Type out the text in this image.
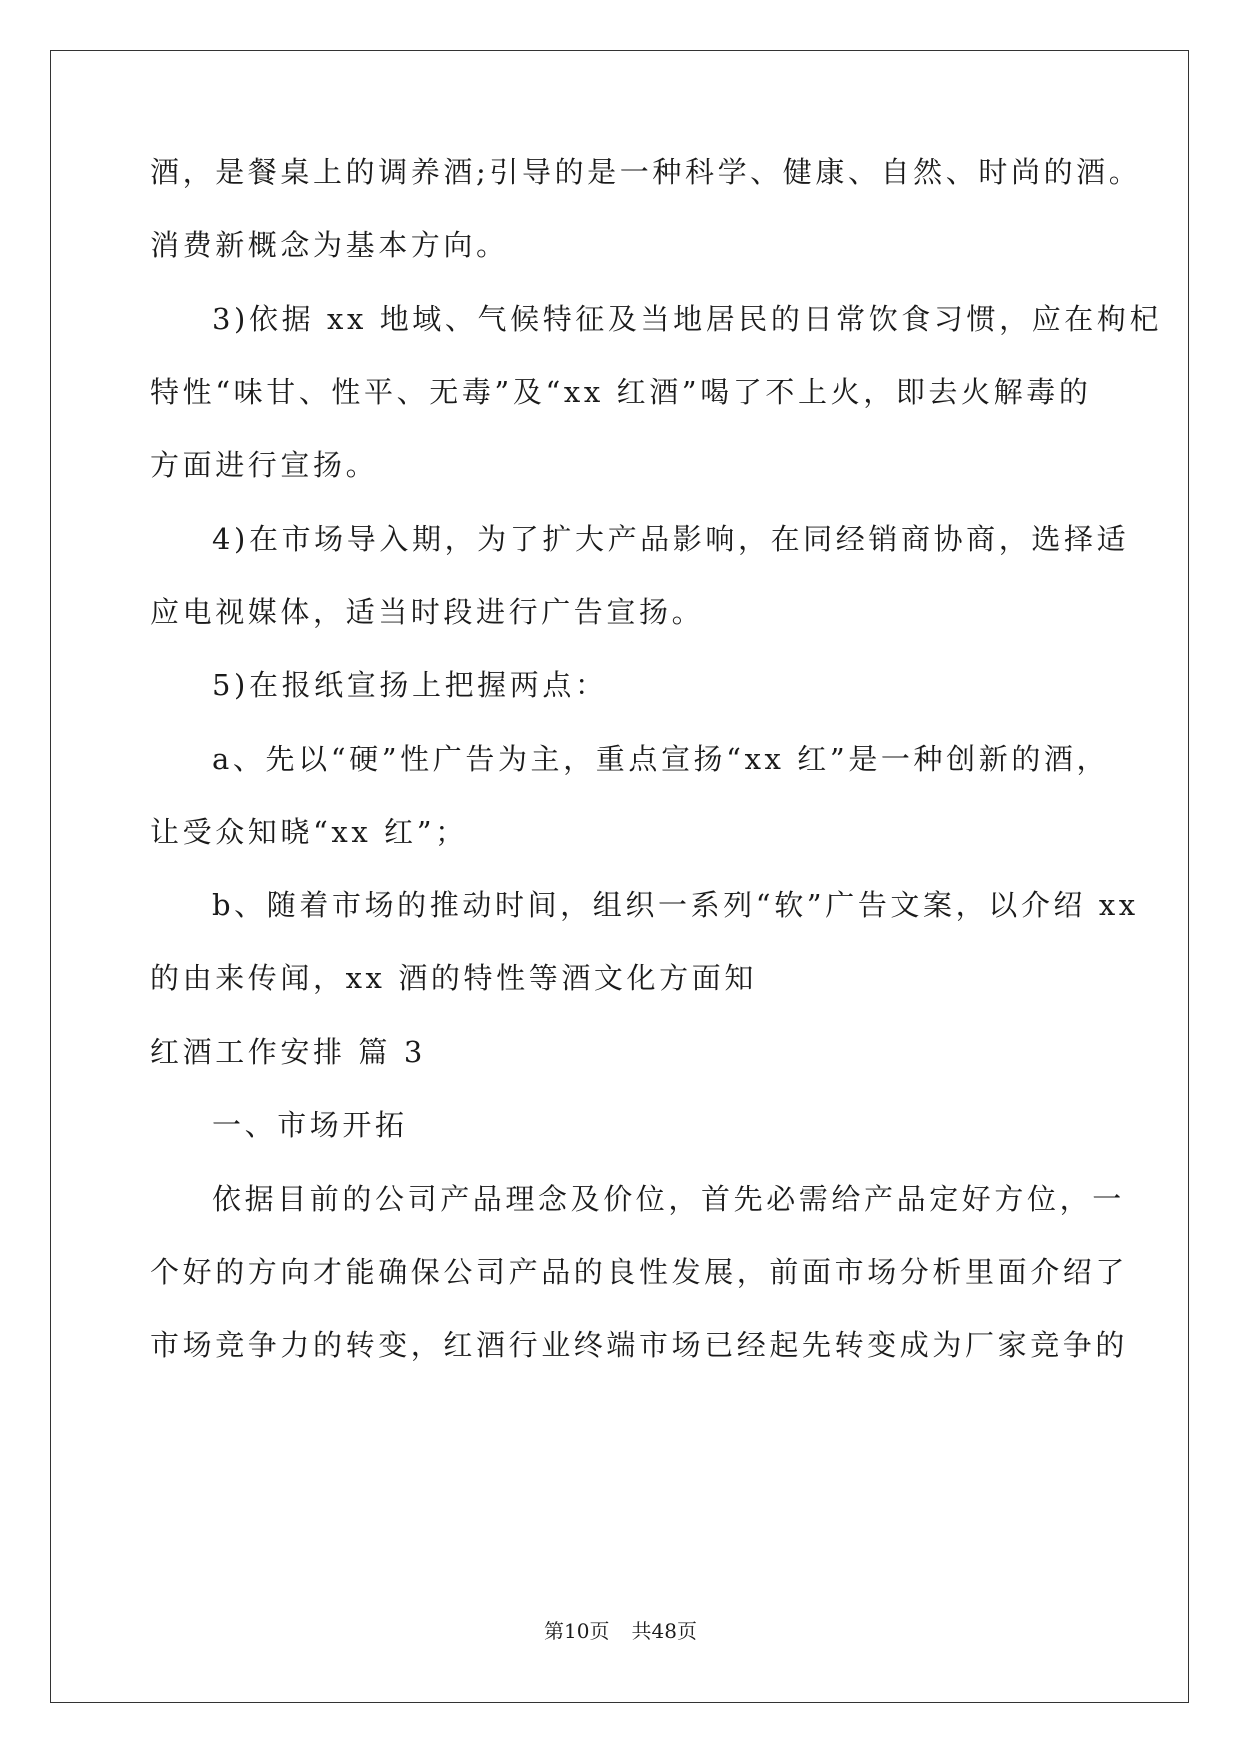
酒，是餐桌上的调养酒;引导的是一种科学、健康、自然、时尚的酒。
消费新概念为基本方向。
3)依据 xx 地域、气候特征及当地居民的日常饮食习惯，应在枸杞
特性“味甘、性平、无毒”及“xx 红酒”喝了不上火，即去火解毒的
方面进行宣扬。
4)在市场导入期，为了扩大产品影响，在同经销商协商，选择适
应电视媒体，适当时段进行广告宣扬。
5)在报纸宣扬上把握两点：
a、先以“硬”性广告为主，重点宣扬“xx 红”是一种创新的酒，
让受众知晓“xx 红”；
b、随着市场的推动时间，组织一系列“软”广告文案，以介绍 xx
的由来传闻，xx 酒的特性等酒文化方面知
红酒工作安排 篇 3
一、市场开拓
依据目前的公司产品理念及价位，首先必需给产品定好方位，一
个好的方向才能确保公司产品的良性发展，前面市场分析里面介绍了
市场竞争力的转变，红酒行业终端市场已经起先转变成为厂家竞争的
第10页 共48页
